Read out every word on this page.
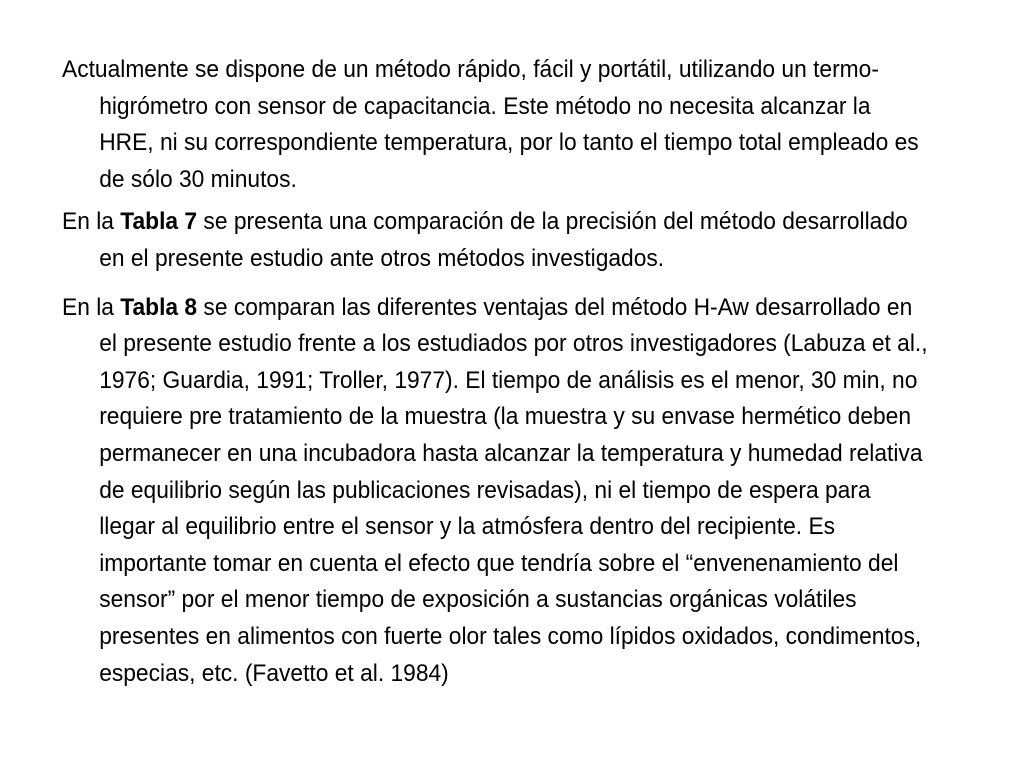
Actualmente se dispone de un método rápido, fácil y portátil, utilizando un termo-higrómetro con sensor de capacitancia. Este método no necesita alcanzar la HRE, ni su correspondiente temperatura, por lo tanto el tiempo total empleado es de sólo 30 minutos.

En la Tabla 7 se presenta una comparación de la precisión del método desarrollado en el presente estudio ante otros métodos investigados.

En la Tabla 8 se comparan las diferentes ventajas del método H-Aw desarrollado en el presente estudio frente a los estudiados por otros investigadores (Labuza et al., 1976; Guardia, 1991; Troller, 1977). El tiempo de análisis es el menor, 30 min, no requiere pre tratamiento de la muestra (la muestra y su envase hermético deben permanecer en una incubadora hasta alcanzar la temperatura y humedad relativa de equilibrio según las publicaciones revisadas), ni el tiempo de espera para llegar al equilibrio entre el sensor y la atmósfera dentro del recipiente. Es importante tomar en cuenta el efecto que tendría sobre el “envenenamiento del sensor” por el menor tiempo de exposición a sustancias orgánicas volátiles presentes en alimentos con fuerte olor tales como lípidos oxidados, condimentos, especias, etc. (Favetto et al. 1984)
